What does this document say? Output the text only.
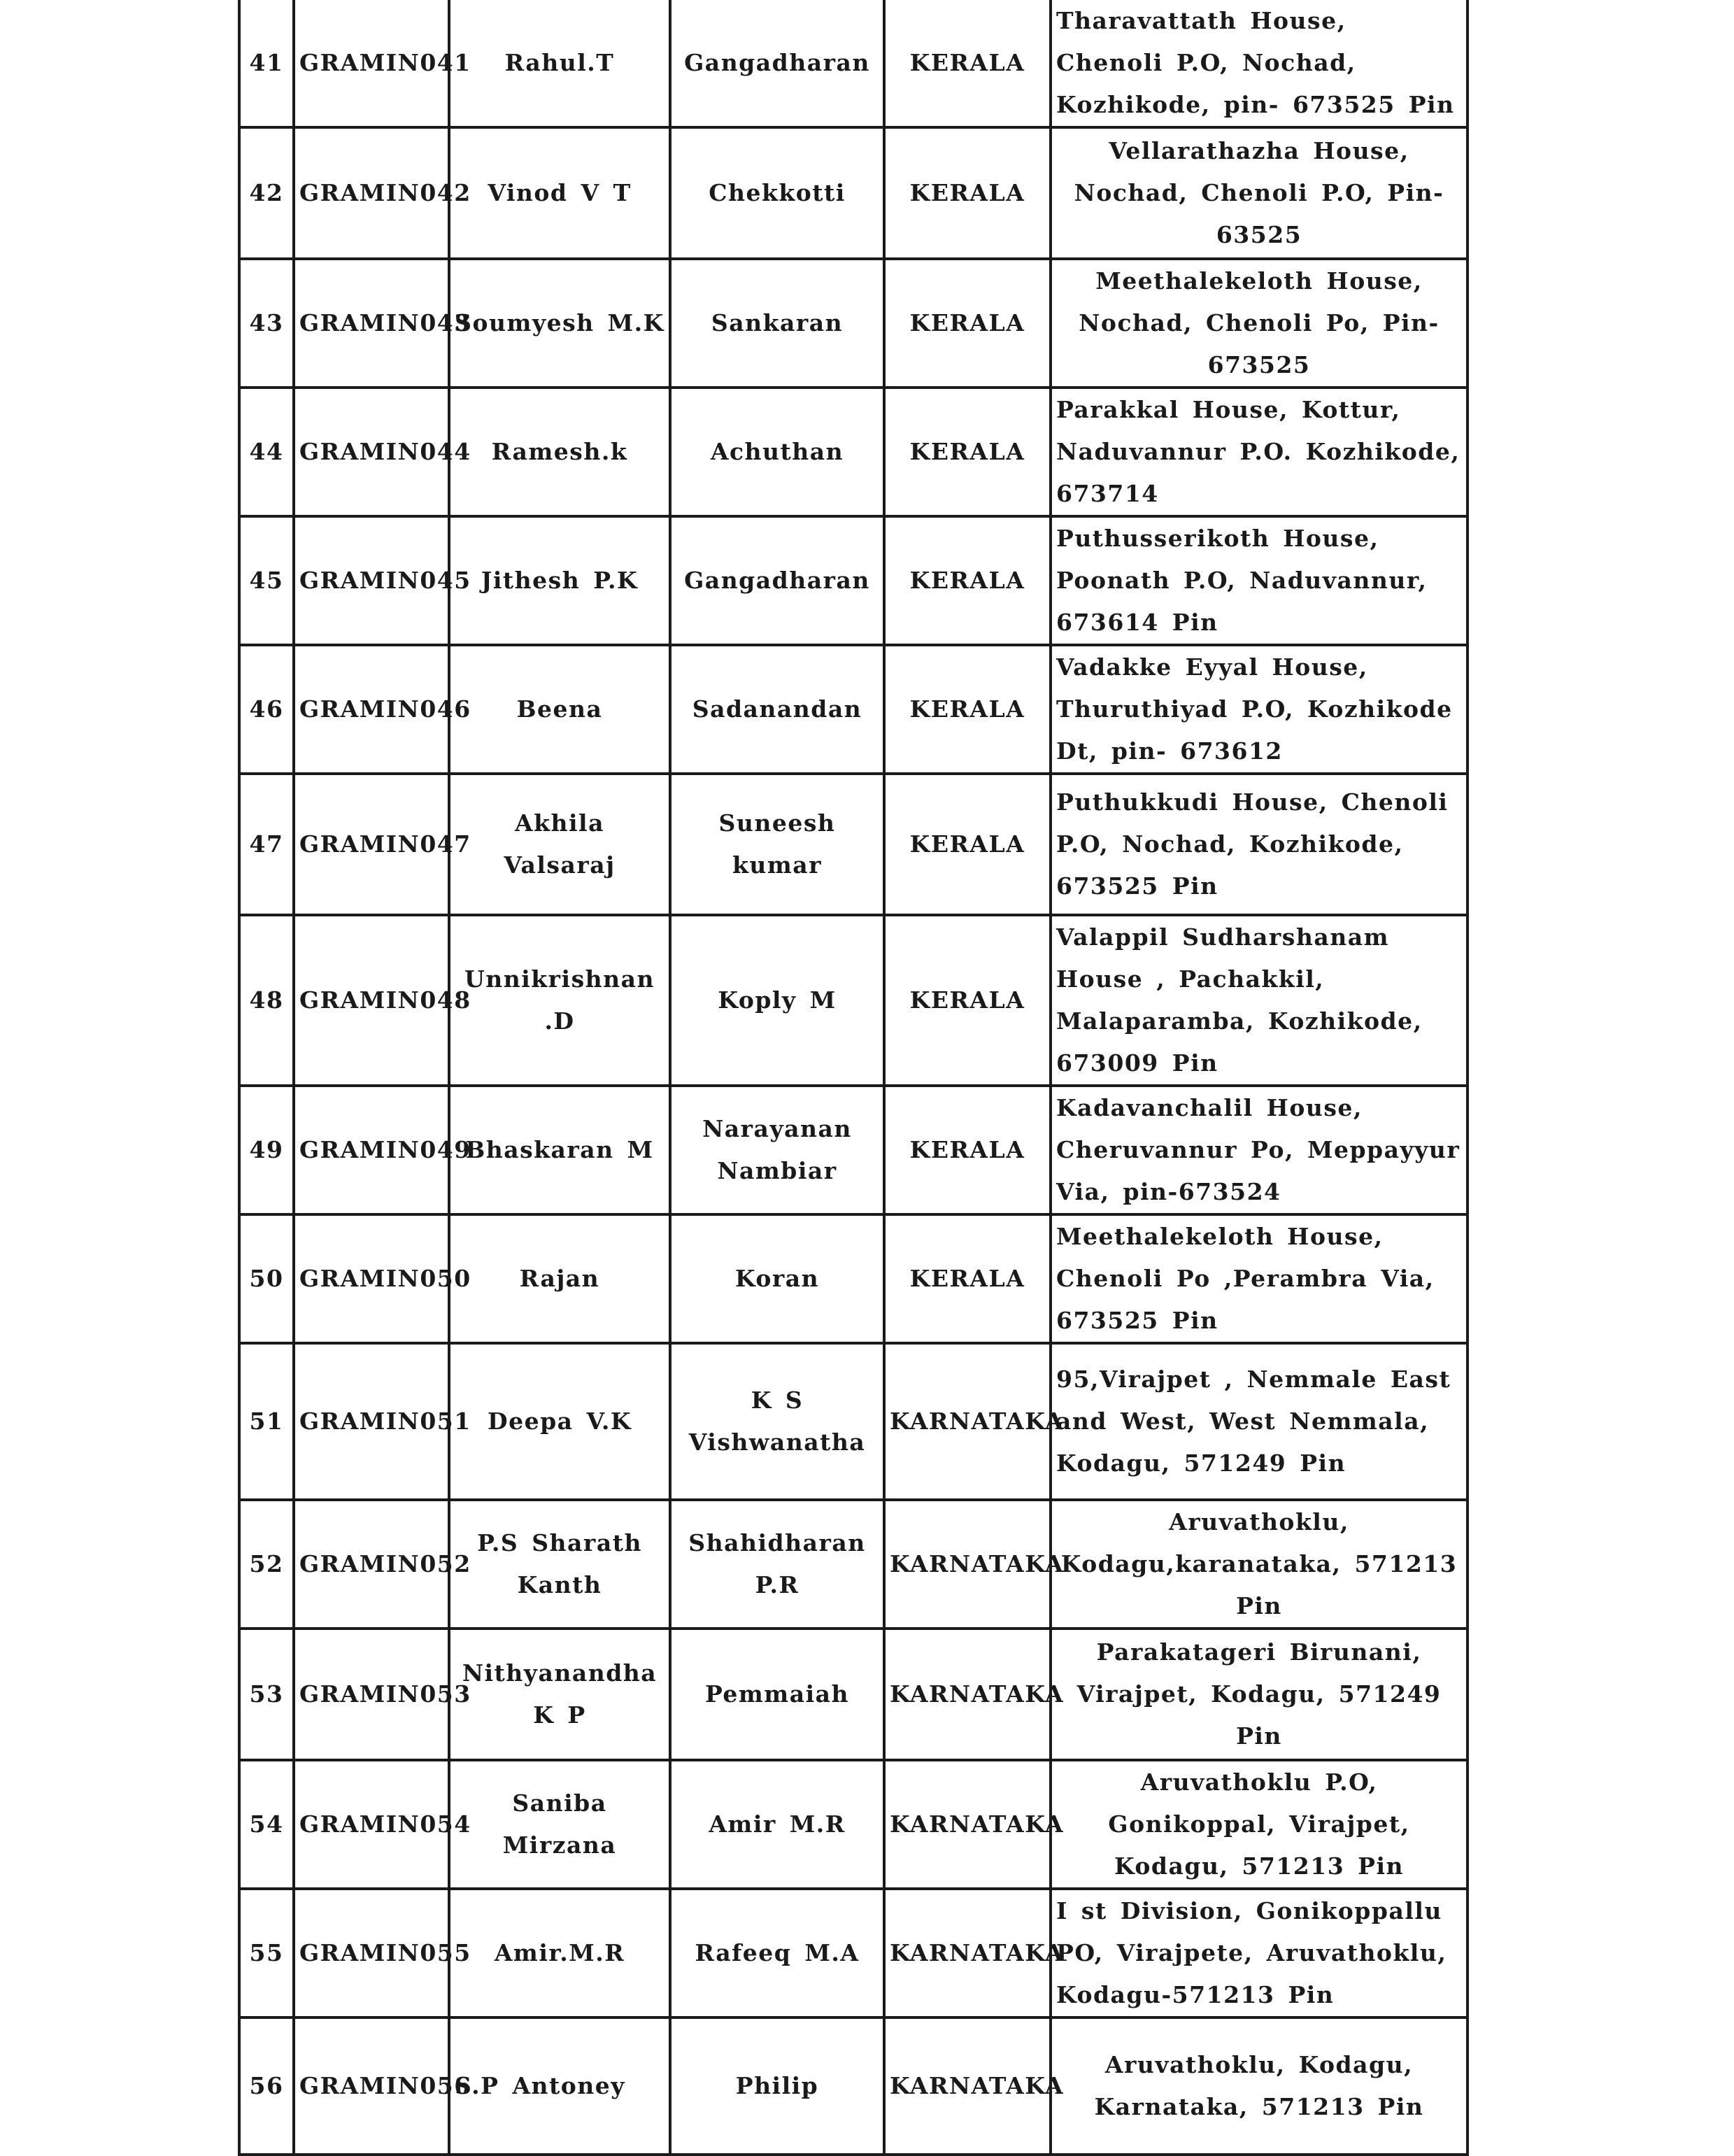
41	GRAMIN041	Rahul.T	Gangadharan	KERALA	Tharavattath House, Chenoli P.O, Nochad, Kozhikode, pin- 673525 Pin
42	GRAMIN042	Vinod V T	Chekkotti	KERALA	Vellarathazha House, Nochad, Chenoli P.O, Pin- 63525
43	GRAMIN043	Soumyesh M.K	Sankaran	KERALA	Meethalekeloth House, Nochad, Chenoli Po, Pin-673525
44	GRAMIN044	Ramesh.k	Achuthan	KERALA	Parakkal House, Kottur, Naduvannur P.O. Kozhikode, 673714
45	GRAMIN045	Jithesh P.K	Gangadharan	KERALA	Puthusserikoth House, Poonath P.O, Naduvannur, 673614 Pin
46	GRAMIN046	Beena	Sadanandan	KERALA	Vadakke Eyyal House, Thuruthiyad P.O, Kozhikode Dt, pin- 673612
47	GRAMIN047	Akhila Valsaraj	Suneesh kumar	KERALA	Puthukkudi House, Chenoli P.O, Nochad, Kozhikode, 673525 Pin
48	GRAMIN048	Unnikrishnan .D	Koply M	KERALA	Valappil Sudharshanam House , Pachakkil, Malaparamba, Kozhikode, 673009 Pin
49	GRAMIN049	Bhaskaran M	Narayanan Nambiar	KERALA	Kadavanchalil House, Cheruvannur Po, Meppayyur Via, pin-673524
50	GRAMIN050	Rajan	Koran	KERALA	Meethalekeloth House, Chenoli Po ,Perambra Via, 673525 Pin
51	GRAMIN051	Deepa V.K	K S Vishwanatha	KARNATAKA	95,Virajpet , Nemmale East and West, West Nemmala, Kodagu, 571249 Pin
52	GRAMIN052	P.S Sharath Kanth	Shahidharan P.R	KARNATAKA	Aruvathoklu, Kodagu,karanataka, 571213 Pin
53	GRAMIN053	Nithyanandha K P	Pemmaiah	KARNATAKA	Parakatageri Birunani, Virajpet, Kodagu, 571249 Pin
54	GRAMIN054	Saniba Mirzana	Amir M.R	KARNATAKA	Aruvathoklu P.O, Gonikoppal, Virajpet, Kodagu, 571213 Pin
55	GRAMIN055	Amir.M.R	Rafeeq M.A	KARNATAKA	I st Division, Gonikoppallu PO, Virajpete, Aruvathoklu, Kodagu-571213 Pin
56	GRAMIN056	S.P Antoney	Philip	KARNATAKA	Aruvathoklu, Kodagu, Karnataka, 571213 Pin
